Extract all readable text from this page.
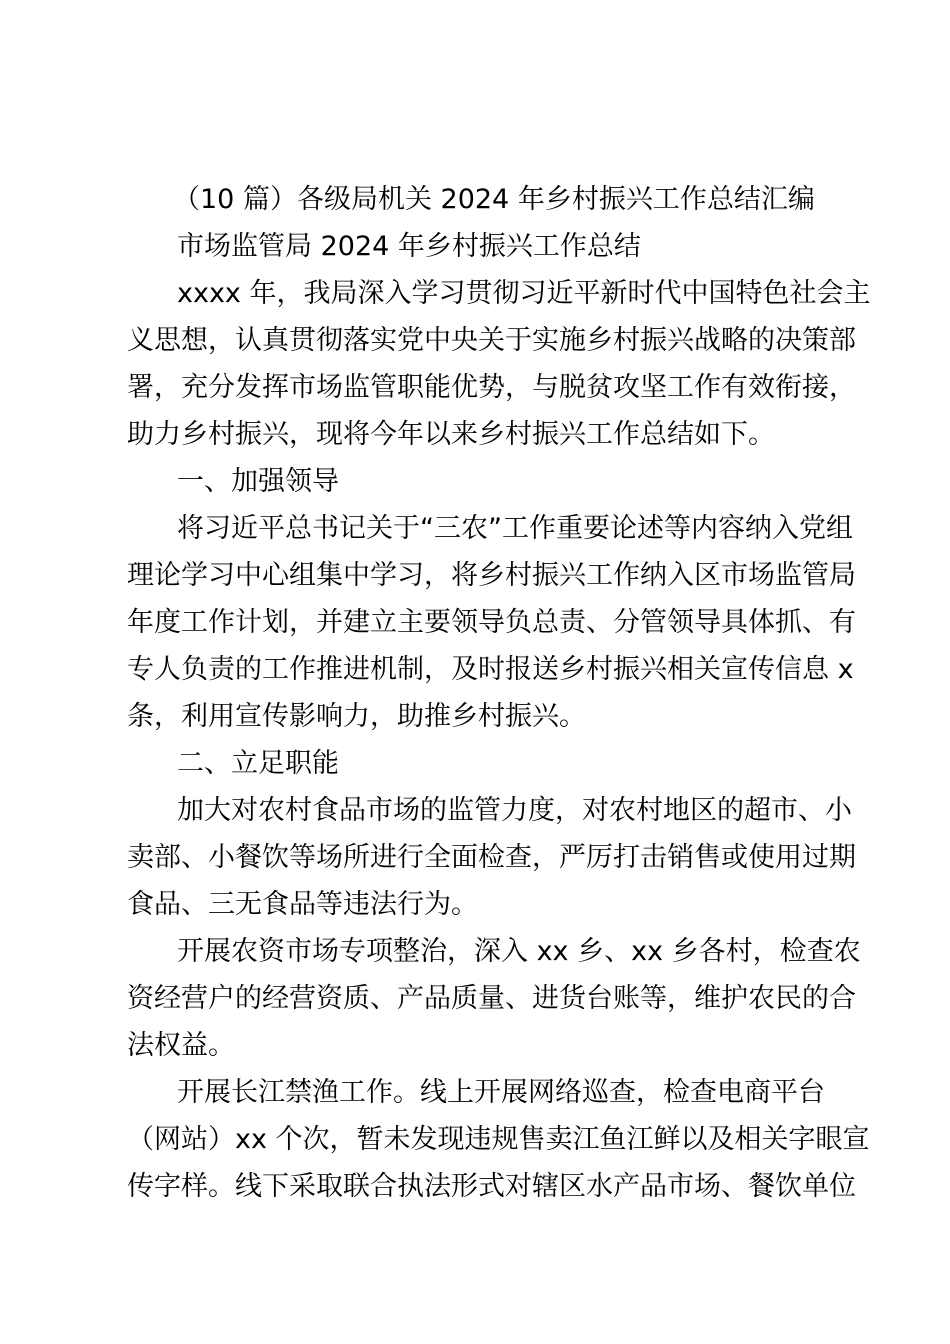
（10 篇）各级局机关 2024 年乡村振兴工作总结汇编
市场监管局 2024 年乡村振兴工作总结
xxxx 年，我局深入学习贯彻习近平新时代中国特色社会主
义思想，认真贯彻落实党中央关于实施乡村振兴战略的决策部
署，充分发挥市场监管职能优势，与脱贫攻坚工作有效衔接，
助力乡村振兴，现将今年以来乡村振兴工作总结如下。
一、加强领导
将习近平总书记关于“三农”工作重要论述等内容纳入党组
理论学习中心组集中学习，将乡村振兴工作纳入区市场监管局
年度工作计划，并建立主要领导负总责、分管领导具体抓、有
专人负责的工作推进机制，及时报送乡村振兴相关宣传信息 x
条，利用宣传影响力，助推乡村振兴。
二、立足职能
加大对农村食品市场的监管力度，对农村地区的超市、小
卖部、小餐饮等场所进行全面检查，严厉打击销售或使用过期
食品、三无食品等违法行为。
开展农资市场专项整治，深入 xx 乡、xx 乡各村，检查农
资经营户的经营资质、产品质量、进货台账等，维护农民的合
法权益。
开展长江禁渔工作。线上开展网络巡查，检查电商平台
（网站）xx 个次，暂未发现违规售卖江鱼江鲜以及相关字眼宣
传字样。线下采取联合执法形式对辖区水产品市场、餐饮单位
